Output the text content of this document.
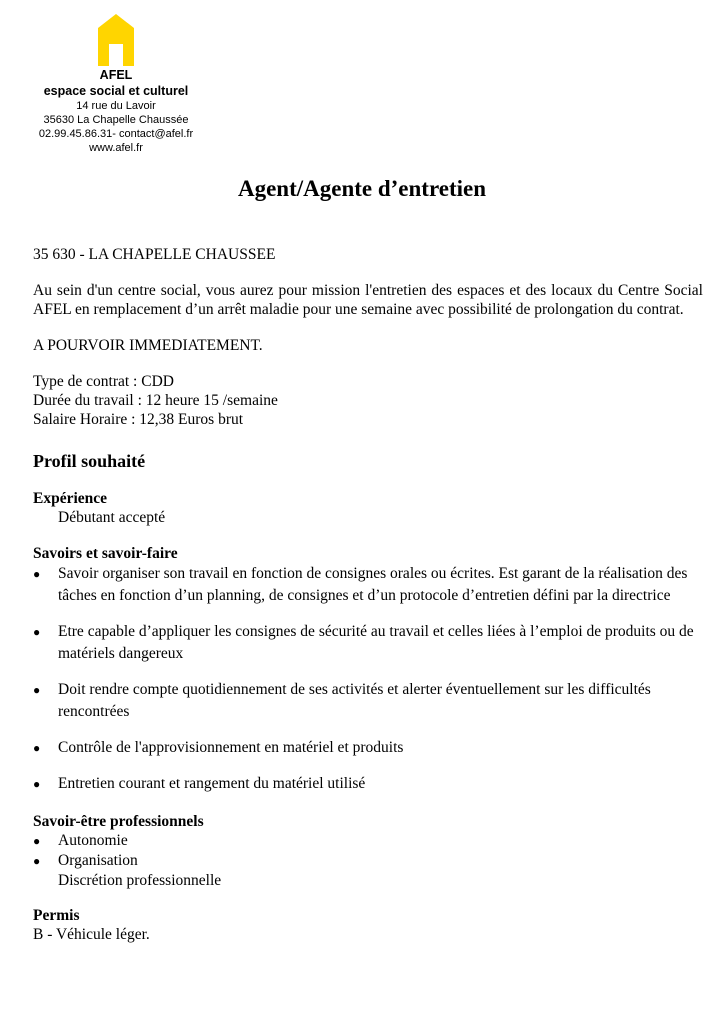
AFEL
espace social et culturel
14 rue du Lavoir
35630 La Chapelle Chaussée
02.99.45.86.31- contact@afel.fr
www.afel.fr
Agent/Agente d’entretien

35 630 - LA CHAPELLE CHAUSSEE

Au sein d'un centre social, vous aurez pour mission l'entretien des espaces et des locaux du Centre Social AFEL en remplacement d’un arrêt maladie pour une semaine avec possibilité de prolongation du contrat.

A POURVOIR IMMEDIATEMENT.

Type de contrat : CDD

Durée du travail : 12 heure 15 /semaine

Salaire Horaire : 12,38 Euros brut

Profil souhaité
Expérience

Débutant accepté

Savoirs et savoir-faire
● Savoir organiser son travail en fonction de consignes orales ou écrites. Est garant de la réalisation des tâches en fonction d’un planning, de consignes et d’un protocole d’entretien défini par la directrice
● Etre capable d’appliquer les consignes de sécurité au travail et celles liées à l’emploi de produits ou de matériels dangereux
● Doit rendre compte quotidiennement de ses activités et alerter éventuellement sur les difficultés rencontrées
● Contrôle de l'approvisionnement en matériel et produits
● Entretien courant et rangement du matériel utilisé
Savoir-être professionnels
● Autonomie
● Organisation

Discrétion professionnelle

Permis

B - Véhicule léger.
